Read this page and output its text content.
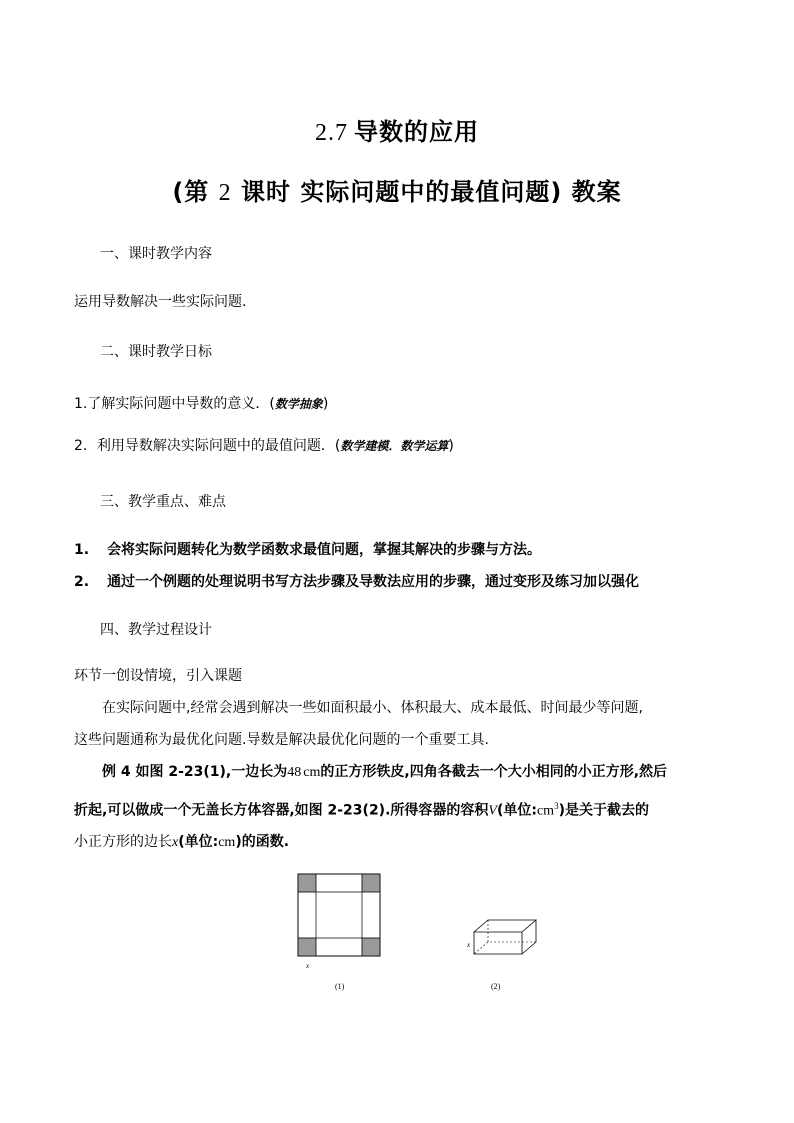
2.7 导数的应用
(第 2 课时 实际问题中的最值问题) 教案
一、课时教学内容
运用导数解决一些实际问题．
二、课时教学日标
1.了解实际问题中导数的意义．(数学抽象)
2．利用导数解决实际问题中的最值问题．(数学建模．数学运算)
三、教学重点、难点
1. 会将实际问题转化为数学函数求最值问题，掌握其解决的步骤与方法。
2. 通过一个例题的处理说明书写方法步骤及导数法应用的步骤，通过变形及练习加以强化
四、教学过程设计
环节一创设情境，引入课题
在实际问题中,经常会遇到解决一些如面积最小、体积最大、成本最低、时间最少等问题,
这些问题通称为最优化问题.导数是解决最优化问题的一个重要工具.
例 4 如图 2-23(1),一边长为48 cm的正方形铁皮,四角各截去一个大小相同的小正方形,然后
折起,可以做成一个无盖长方体容器,如图 2-23(2).所得容器的容积V(单位$:cm^3$)是关于截去的
小正方形的边长x(单位:cm)的函数.
x
(1)
x
(2)
